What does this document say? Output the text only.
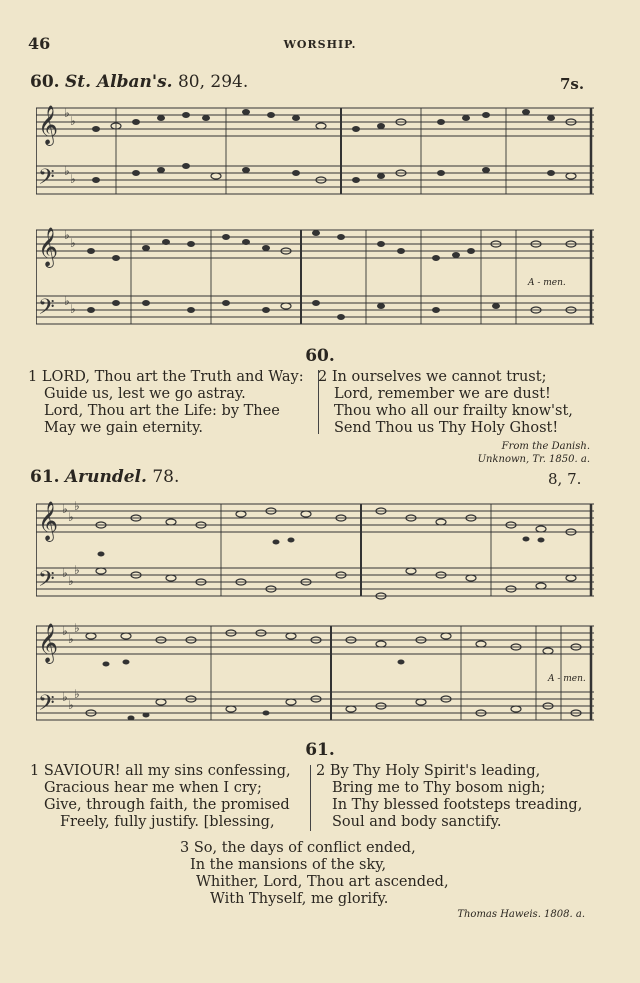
46	WORSHIP.
60. St. Alban's. 80, 294.	7s.
𝄞
𝄢
♭
♭
♭
♭
𝄞
𝄢
♭
♭
♭
♭
A - men.
60.
1 LORD, Thou art the Truth and Way:
Guide us, lest we go astray.
Lord, Thou art the Life: by Thee
May we gain eternity.
2 In ourselves we cannot trust;
Lord, remember we are dust!
Thou who all our frailty know'st,
Send Thou us Thy Holy Ghost!
From the Danish.
Unknown, Tr. 1850. a.
61. Arundel. 78.	8, 7.
𝄞
𝄢
♭
♭
♭
♭
♭
♭
𝄞
𝄢
♭
♭
♭
♭
♭
♭
A - men.
61.
1 SAVIOUR! all my sins confessing,
Gracious hear me when I cry;
Give, through faith, the promised
Freely, fully justify. [blessing,
2 By Thy Holy Spirit's leading,
Bring me to Thy bosom nigh;
In Thy blessed footsteps treading,
Soul and body sanctify.
3 So, the days of conflict ended,
In the mansions of the sky,
Whither, Lord, Thou art ascended,
With Thyself, me glorify.
Thomas Haweis. 1808. a.
